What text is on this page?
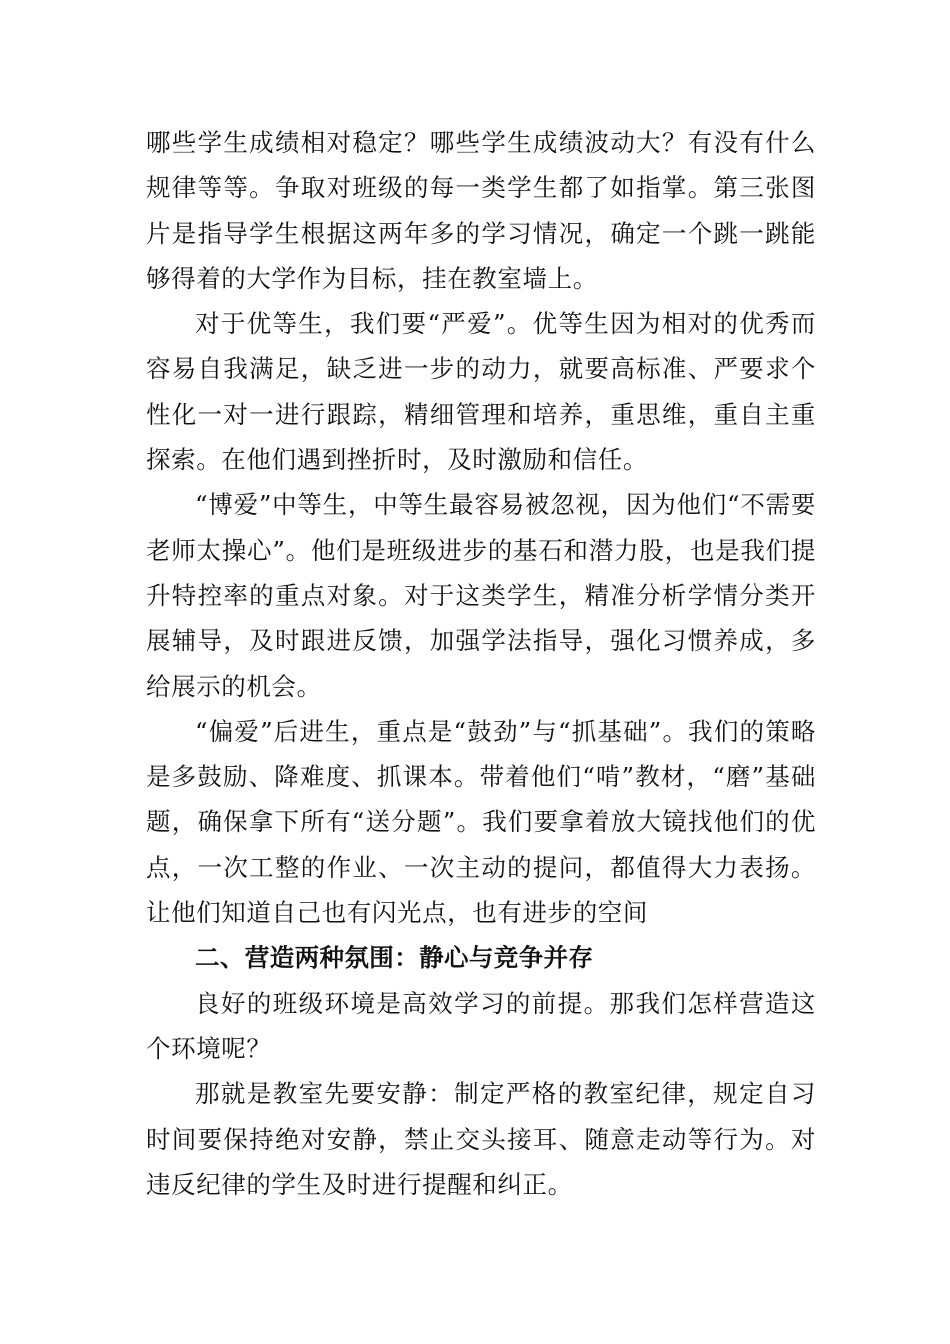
哪些学生成绩相对稳定？哪些学生成绩波动大？有没有什么规律等等。争取对班级的每一类学生都了如指掌。第三张图片是指导学生根据这两年多的学习情况，确定一个跳一跳能够得着的大学作为目标，挂在教室墙上。

对于优等生，我们要“严爱”。优等生因为相对的优秀而容易自我满足，缺乏进一步的动力，就要高标准、严要求个性化一对一进行跟踪，精细管理和培养，重思维，重自主重探索。在他们遇到挫折时，及时激励和信任。

“博爱”中等生，中等生最容易被忽视，因为他们“不需要老师太操心”。他们是班级进步的基石和潜力股，也是我们提升特控率的重点对象。对于这类学生，精准分析学情分类开展辅导，及时跟进反馈，加强学法指导，强化习惯养成，多给展示的机会。

“偏爱”后进生，重点是“鼓劲”与“抓基础”。我们的策略是多鼓励、降难度、抓课本。带着他们“啃”教材，“磨”基础题，确保拿下所有“送分题”。我们要拿着放大镜找他们的优点，一次工整的作业、一次主动的提问，都值得大力表扬。让他们知道自己也有闪光点，也有进步的空间

二、营造两种氛围：静心与竞争并存

良好的班级环境是高效学习的前提。那我们怎样营造这个环境呢？

那就是教室先要安静：制定严格的教室纪律，规定自习时间要保持绝对安静，禁止交头接耳、随意走动等行为。对违反纪律的学生及时进行提醒和纠正。
